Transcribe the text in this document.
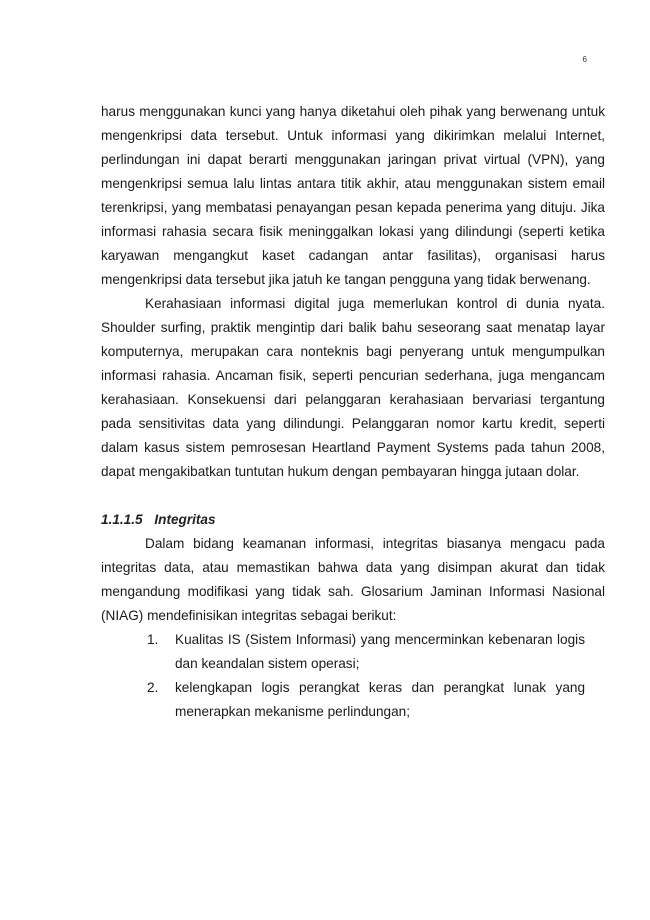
6

harus menggunakan kunci yang hanya diketahui oleh pihak yang berwenang untuk mengenkripsi data tersebut. Untuk informasi yang dikirimkan melalui Internet, perlindungan ini dapat berarti menggunakan jaringan privat virtual (VPN), yang mengenkripsi semua lalu lintas antara titik akhir, atau menggunakan sistem email terenkripsi, yang membatasi penayangan pesan kepada penerima yang dituju. Jika informasi rahasia secara fisik meninggalkan lokasi yang dilindungi (seperti ketika karyawan mengangkut kaset cadangan antar fasilitas), organisasi harus mengenkripsi data tersebut jika jatuh ke tangan pengguna yang tidak berwenang.

Kerahasiaan informasi digital juga memerlukan kontrol di dunia nyata. Shoulder surfing, praktik mengintip dari balik bahu seseorang saat menatap layar komputernya, merupakan cara nonteknis bagi penyerang untuk mengumpulkan informasi rahasia. Ancaman fisik, seperti pencurian sederhana, juga mengancam kerahasiaan. Konsekuensi dari pelanggaran kerahasiaan bervariasi tergantung pada sensitivitas data yang dilindungi. Pelanggaran nomor kartu kredit, seperti dalam kasus sistem pemrosesan Heartland Payment Systems pada tahun 2008, dapat mengakibatkan tuntutan hukum dengan pembayaran hingga jutaan dolar.

1.1.1.5 Integritas

Dalam bidang keamanan informasi, integritas biasanya mengacu pada integritas data, atau memastikan bahwa data yang disimpan akurat dan tidak mengandung modifikasi yang tidak sah. Glosarium Jaminan Informasi Nasional (NIAG) mendefinisikan integritas sebagai berikut:

1. Kualitas IS (Sistem Informasi) yang mencerminkan kebenaran logis dan keandalan sistem operasi;
2. kelengkapan logis perangkat keras dan perangkat lunak yang menerapkan mekanisme perlindungan;
